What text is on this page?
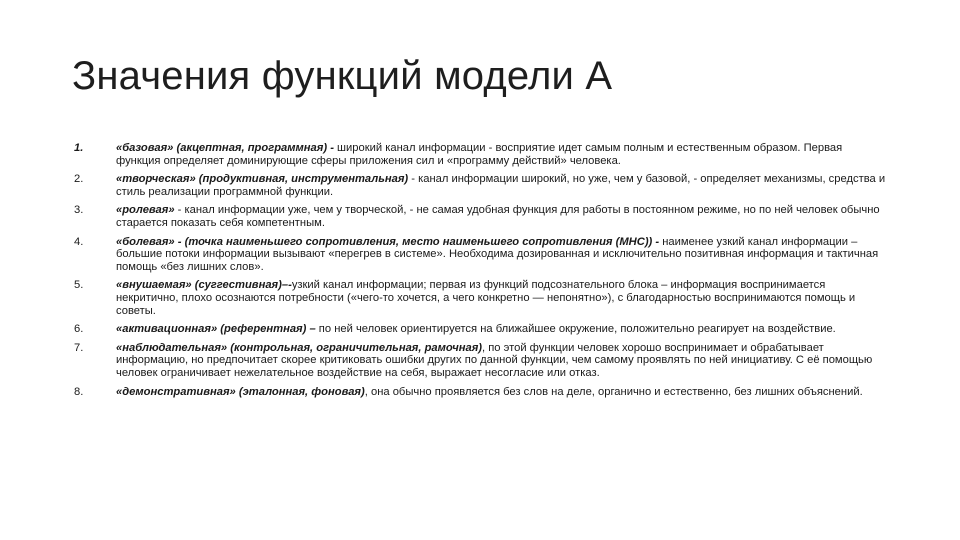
Значения функций модели А
1.	«базовая» (акцептная, программная) - широкий канал информации - восприятие идет самым полным и естественным образом. Первая функция определяет доминирующие сферы приложения сил и «программу действий» человека.
2.	«творческая» (продуктивная, инструментальная) - канал информации широкий, но уже, чем у базовой, - определяет механизмы, средства и стиль реализации программной функции.
3.	«ролевая» - канал информации уже, чем у творческой, - не самая удобная функция для работы в постоянном режиме, но по ней человек обычно старается показать себя компетентным.
4.	«болевая» - (точка наименьшего сопротивления, место наименьшего сопротивления (МНС)) - наименее узкий канал информации – большие потоки информации вызывают «перегрев в системе». Необходима дозированная и исключительно позитивная информация и тактичная помощь «без лишних слов».
5.	«внушаемая» (суггестивная)–-узкий канал информации; первая из функций подсознательного блока – информация воспринимается некритично, плохо осознаются потребности («чего-то хочется, а чего конкретно — непонятно»), с благодарностью воспринимаются помощь и советы.
6.	«активационная» (референтная) – по ней человек ориентируется на ближайшее окружение, положительно реагирует на воздействие.
7.	«наблюдательная» (контрольная, ограничительная, рамочная), по этой функции человек хорошо воспринимает и обрабатывает информацию, но предпочитает скорее критиковать ошибки других по данной функции, чем самому проявлять по ней инициативу. С её помощью человек ограничивает нежелательное воздействие на себя, выражает несогласие или отказ.
8.	«демонстративная» (эталонная, фоновая), она обычно проявляется без слов на деле, органично и естественно, без лишних объяснений.
